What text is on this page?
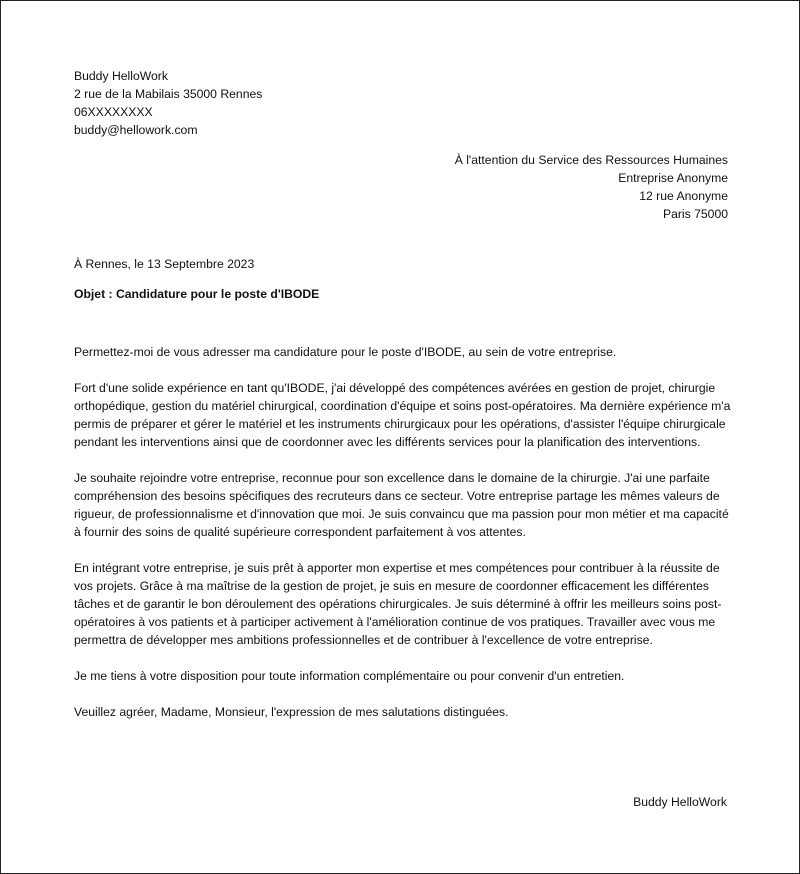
Buddy HelloWork
2 rue de la Mabilais 35000 Rennes
06XXXXXXXX
buddy@hellowork.com
À l'attention du Service des Ressources Humaines
Entreprise Anonyme
12 rue Anonyme
Paris 75000
À Rennes, le 13 Septembre 2023
Objet : Candidature pour le poste d'IBODE

Permettez-moi de vous adresser ma candidature pour le poste d'IBODE, au sein de votre entreprise.

Fort d'une solide expérience en tant qu'IBODE, j'ai développé des compétences avérées en gestion de projet, chirurgie orthopédique, gestion du matériel chirurgical, coordination d'équipe et soins post-opératoires. Ma dernière expérience m'a permis de préparer et gérer le matériel et les instruments chirurgicaux pour les opérations, d'assister l'équipe chirurgicale pendant les interventions ainsi que de coordonner avec les différents services pour la planification des interventions.

Je souhaite rejoindre votre entreprise, reconnue pour son excellence dans le domaine de la chirurgie. J'ai une parfaite compréhension des besoins spécifiques des recruteurs dans ce secteur. Votre entreprise partage les mêmes valeurs de rigueur, de professionnalisme et d'innovation que moi. Je suis convaincu que ma passion pour mon métier et ma capacité à fournir des soins de qualité supérieure correspondent parfaitement à vos attentes.

En intégrant votre entreprise, je suis prêt à apporter mon expertise et mes compétences pour contribuer à la réussite de vos projets. Grâce à ma maîtrise de la gestion de projet, je suis en mesure de coordonner efficacement les différentes tâches et de garantir le bon déroulement des opérations chirurgicales. Je suis déterminé à offrir les meilleurs soins post-opératoires à vos patients et à participer activement à l'amélioration continue de vos pratiques. Travailler avec vous me permettra de développer mes ambitions professionnelles et de contribuer à l'excellence de votre entreprise.

Je me tiens à votre disposition pour toute information complémentaire ou pour convenir d'un entretien.

Veuillez agréer, Madame, Monsieur, l'expression de mes salutations distinguées.

Buddy HelloWork
